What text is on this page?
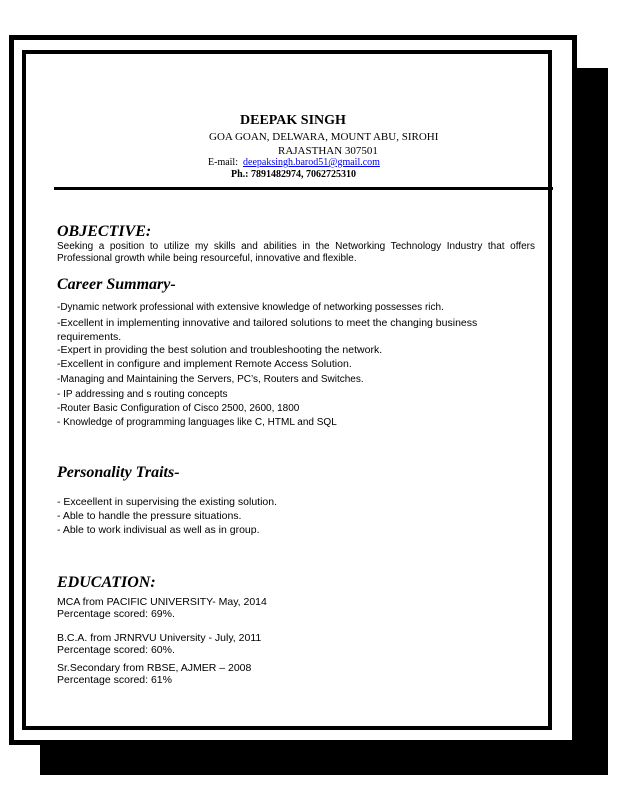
DEEPAK SINGH
GOA GOAN, DELWARA, MOUNT ABU, SIROHI
RAJASTHAN 307501
E-mail: deepaksingh.barod51@gmail.com
Ph.: 7891482974, 7062725310
OBJECTIVE:

Seeking a position to utilize my skills and abilities in the Networking Technology Industry that offers Professional growth while being resourceful, innovative and flexible.

Career Summary-
-Dynamic network professional with extensive knowledge of networking possesses rich.
-Excellent in implementing innovative and tailored solutions to meet the changing business requirements.
-Expert in providing the best solution and troubleshooting the network.
-Excellent in configure and implement Remote Access Solution.
-Managing and Maintaining the Servers, PC’s, Routers and Switches.
- IP addressing and s routing concepts
-Router Basic Configuration of Cisco 2500, 2600, 1800
- Knowledge of programming languages like C, HTML and SQL
Personality Traits-
- Exceellent in supervising the existing solution.
- Able to handle the pressure situations.
- Able to work indivisual as well as in group.
EDUCATION:

MCA from PACIFIC UNIVERSITY- May, 2014

Percentage scored: 69%.

B.C.A. from JRNRVU University - July, 2011

Percentage scored: 60%.

Sr.Secondary from RBSE, AJMER – 2008

Percentage scored: 61%
